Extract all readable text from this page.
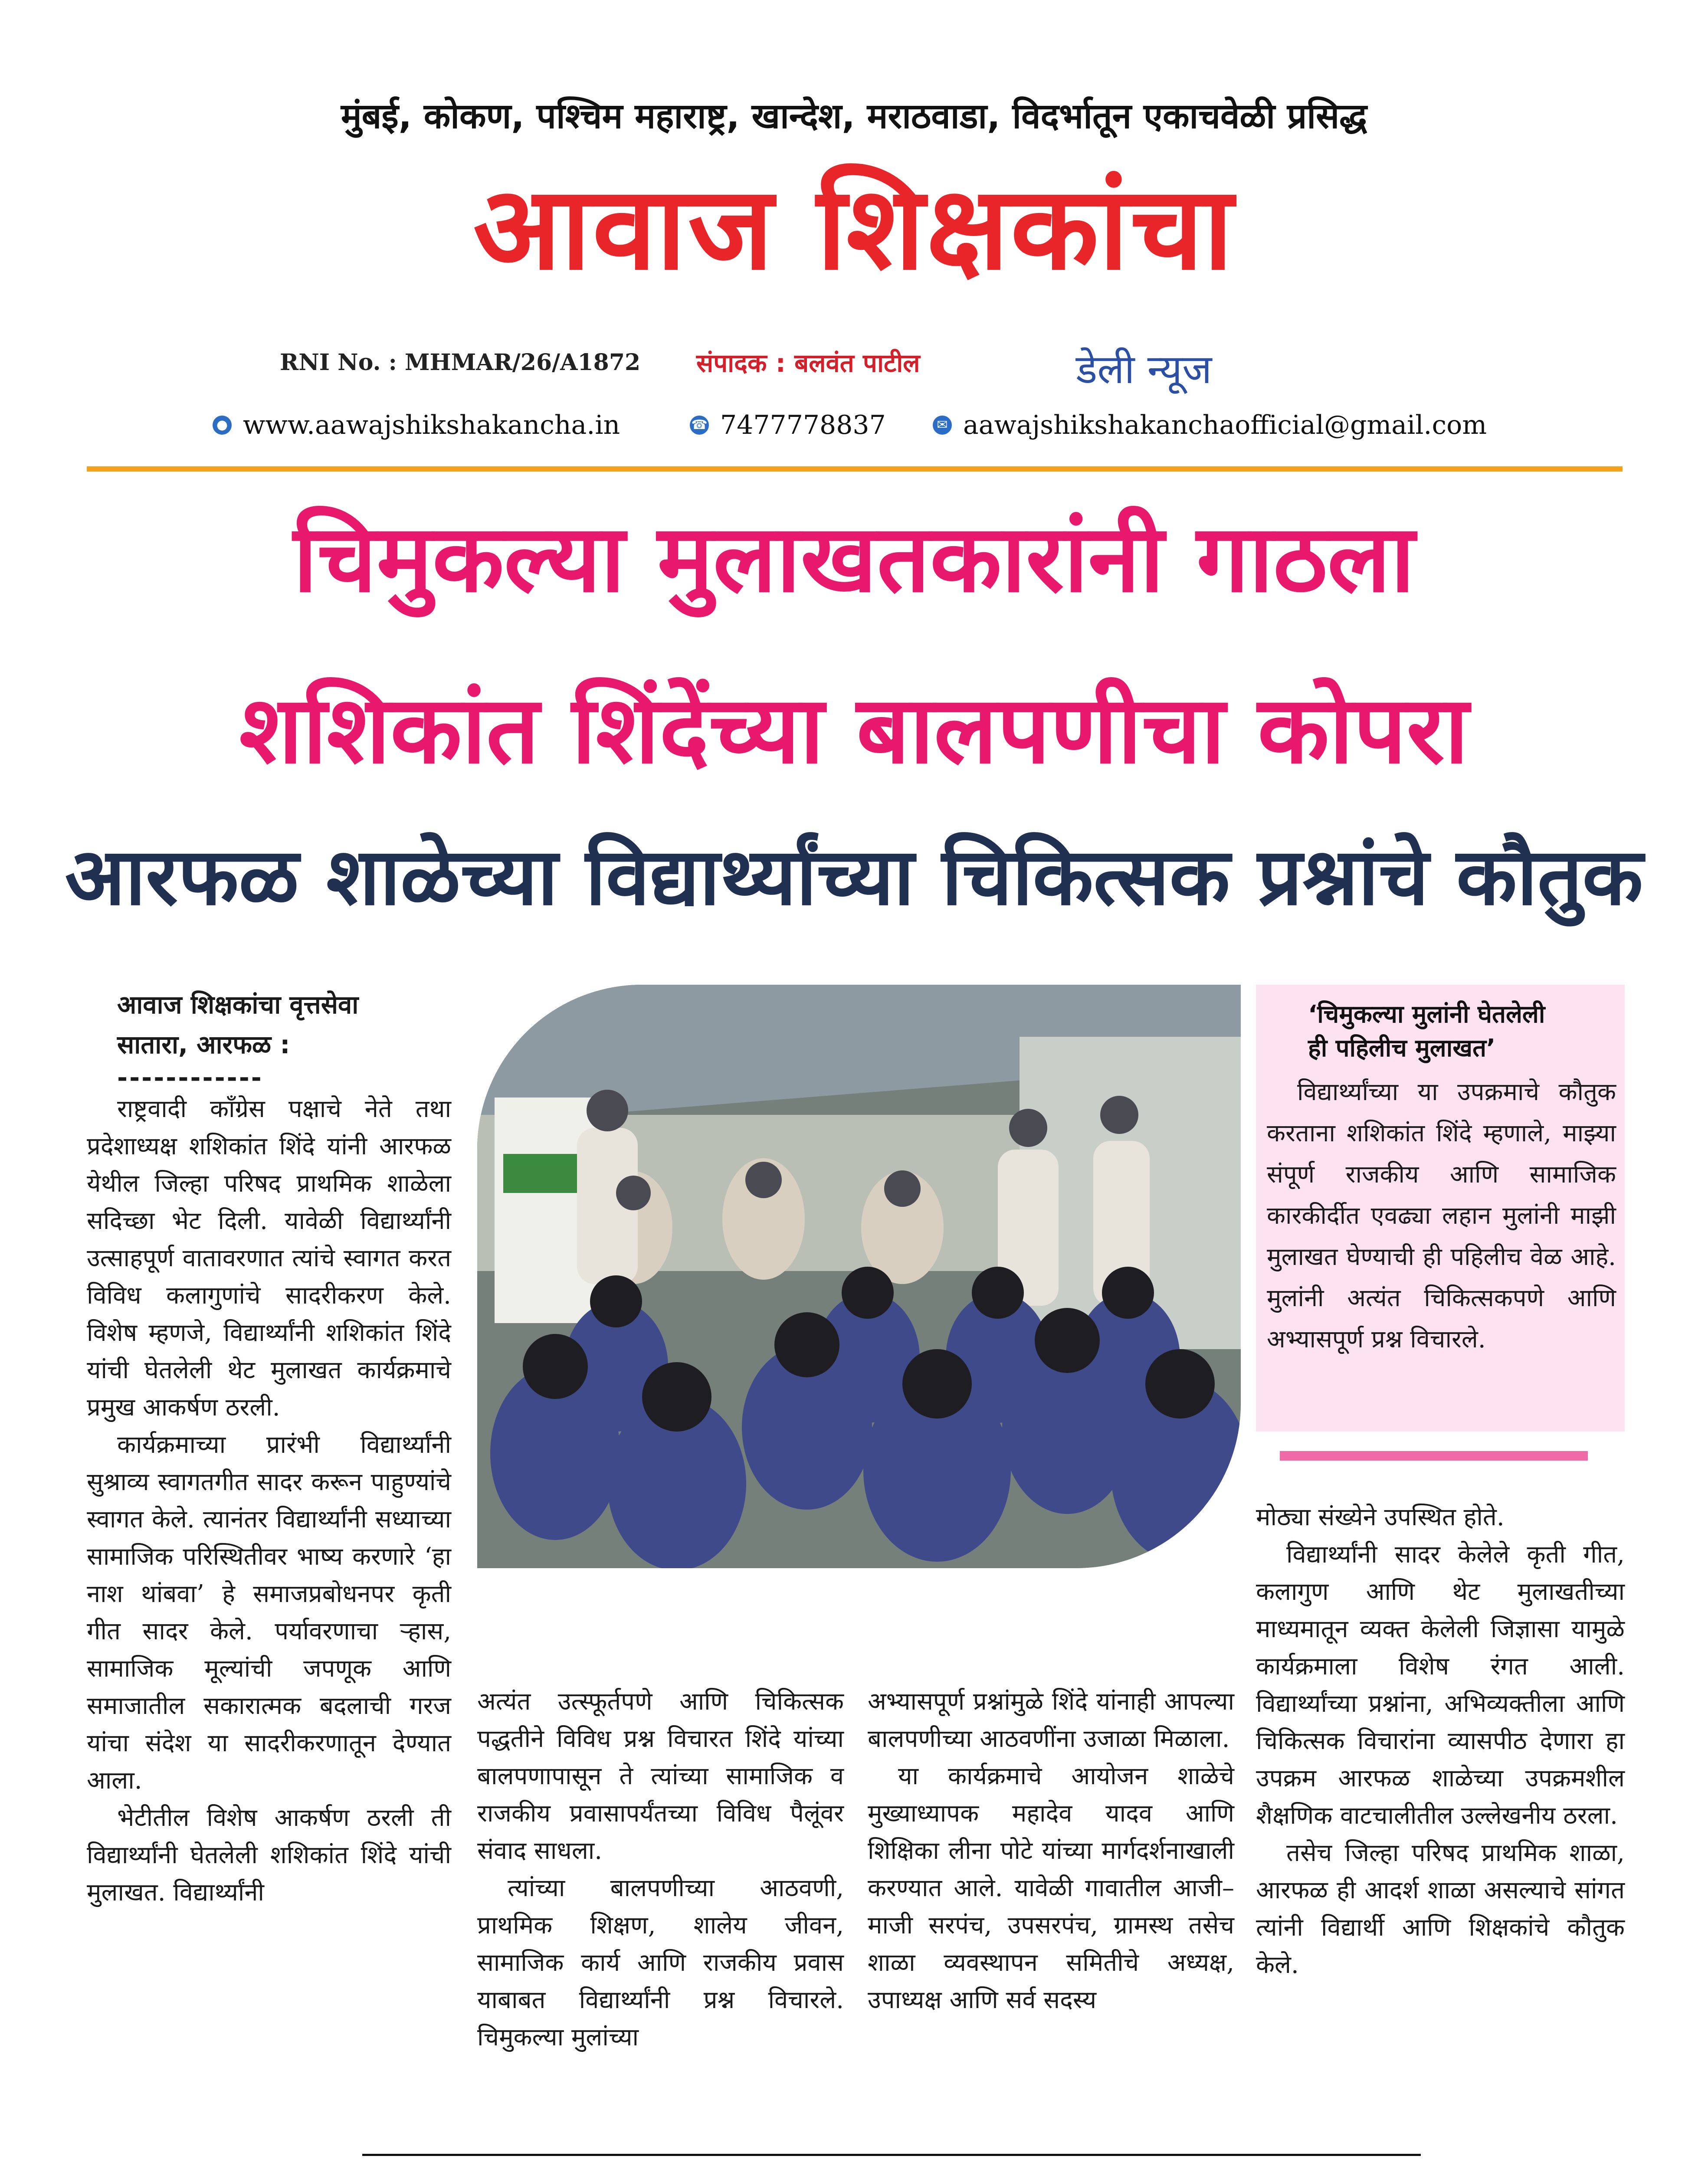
मुंबई, कोकण, पश्चिम महाराष्ट्र, खान्देश, मराठवाडा, विदर्भातून एकाचवेळी प्रसिद्ध
आवाज शिक्षकांचा
RNI No. : MHMAR/26/A1872 संपादक : बलवंत पाटील	डेली न्यूज
● www.aawajshikshakancha.in	☎ 7477778837	✉ aawajshikshakanchaofficial@gmail.com
चिमुकल्या मुलाखतकारांनी गाठला
शशिकांत शिंदेंच्या बालपणीचा कोपरा
आरफळ शाळेच्या विद्यार्थ्यांच्या चिकित्सक प्रश्नांचे कौतुक
आवाज शिक्षकांचा वृत्तसेवा
सातारा, आरफळ :
------------

राष्ट्रवादी काँग्रेस पक्षाचे नेते तथा प्रदेशाध्यक्ष शशिकांत शिंदे यांनी आरफळ येथील जिल्हा परिषद प्राथमिक शाळेला सदिच्छा भेट दिली. यावेळी विद्यार्थ्यांनी उत्साहपूर्ण वातावरणात त्यांचे स्वागत करत विविध कलागुणांचे सादरीकरण केले. विशेष म्हणजे, विद्यार्थ्यांनी शशिकांत शिंदे यांची घेतलेली थेट मुलाखत कार्यक्रमाचे प्रमुख आकर्षण ठरली.

कार्यक्रमाच्या प्रारंभी विद्यार्थ्यांनी सुश्राव्य स्वागतगीत सादर करून पाहुण्यांचे स्वागत केले. त्यानंतर विद्यार्थ्यांनी सध्याच्या सामाजिक परिस्थितीवर भाष्य करणारे ‘हा नाश थांबवा’ हे समाजप्रबोधनपर कृती गीत सादर केले. पर्यावरणाचा ऱ्हास, सामाजिक मूल्यांची जपणूक आणि समाजातील सकारात्मक बदलाची गरज यांचा संदेश या सादरीकरणातून देण्यात आला.

भेटीतील विशेष आकर्षण ठरली ती विद्यार्थ्यांनी घेतलेली शशिकांत शिंदे यांची मुलाखत. विद्यार्थ्यांनी

‘चिमुकल्या मुलांनी घेतलेली
ही पहिलीच मुलाखत’
विद्यार्थ्यांच्या या उपक्रमाचे कौतुक करताना शशिकांत शिंदे म्हणाले, माझ्या संपूर्ण राजकीय आणि सामाजिक कारकीर्दीत एवढ्या लहान मुलांनी माझी मुलाखत घेण्याची ही पहिलीच वेळ आहे. मुलांनी अत्यंत चिकित्सकपणे आणि अभ्यासपूर्ण प्रश्न विचारले.

अत्यंत उत्स्फूर्तपणे आणि चिकित्सक पद्धतीने विविध प्रश्न विचारत शिंदे यांच्या बालपणापासून ते त्यांच्या सामाजिक व राजकीय प्रवासापर्यंतच्या विविध पैलूंवर संवाद साधला.

त्यांच्या बालपणीच्या आठवणी, प्राथमिक शिक्षण, शालेय जीवन, सामाजिक कार्य आणि राजकीय प्रवास याबाबत विद्यार्थ्यांनी प्रश्न विचारले. चिमुकल्या मुलांच्या

अभ्यासपूर्ण प्रश्नांमुळे शिंदे यांनाही आपल्या बालपणीच्या आठवणींना उजाळा मिळाला.

या कार्यक्रमाचे आयोजन शाळेचे मुख्याध्यापक महादेव यादव आणि शिक्षिका लीना पोटे यांच्या मार्गदर्शनाखाली करण्यात आले. यावेळी गावातील आजी–माजी सरपंच, उपसरपंच, ग्रामस्थ तसेच शाळा व्यवस्थापन समितीचे अध्यक्ष, उपाध्यक्ष आणि सर्व सदस्य

मोठ्या संख्येने उपस्थित होते.

विद्यार्थ्यांनी सादर केलेले कृती गीत, कलागुण आणि थेट मुलाखतीच्या माध्यमातून व्यक्त केलेली जिज्ञासा यामुळे कार्यक्रमाला विशेष रंगत आली. विद्यार्थ्यांच्या प्रश्नांना, अभिव्यक्तीला आणि चिकित्सक विचारांना व्यासपीठ देणारा हा उपक्रम आरफळ शाळेच्या उपक्रमशील शैक्षणिक वाटचालीतील उल्लेखनीय ठरला.

तसेच जिल्हा परिषद प्राथमिक शाळा, आरफळ ही आदर्श शाळा असल्याचे सांगत त्यांनी विद्यार्थी आणि शिक्षकांचे कौतुक केले.
